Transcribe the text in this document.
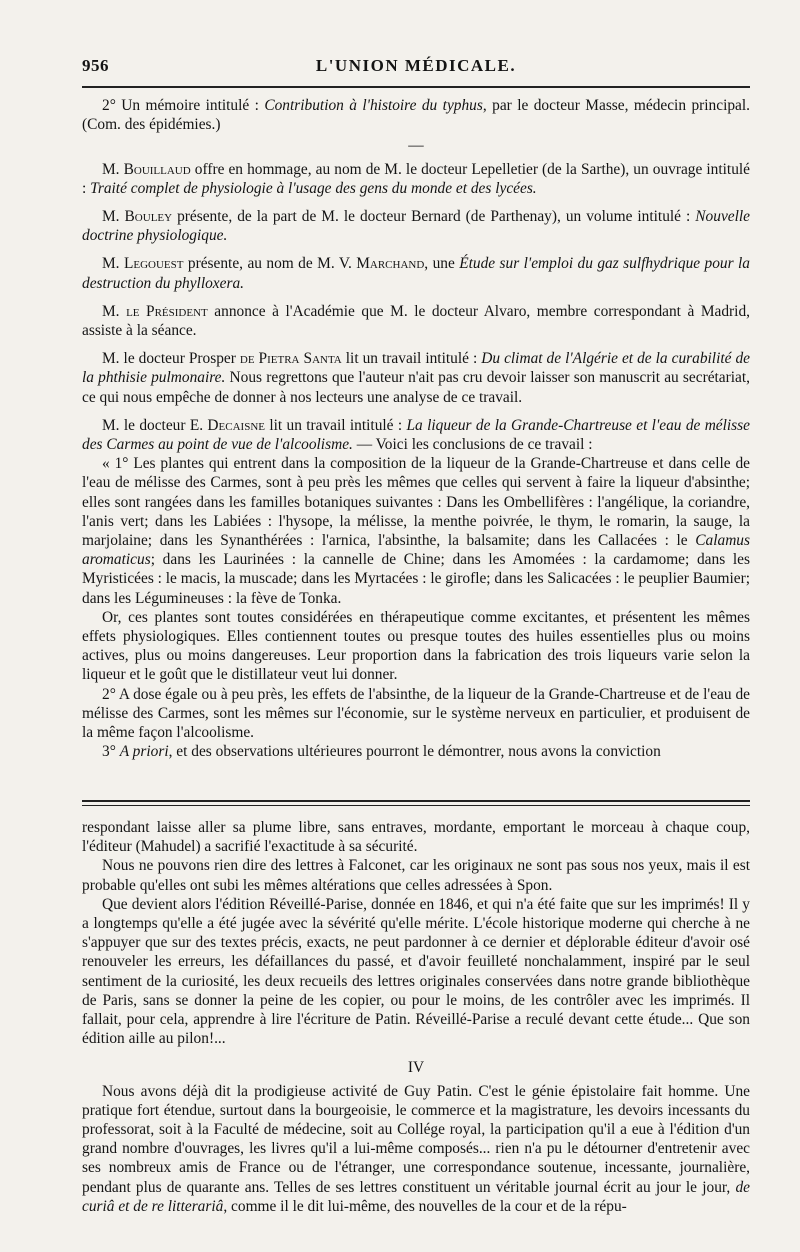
956	L'UNION MÉDICALE.

2° Un mémoire intitulé : Contribution à l'histoire du typhus, par le docteur Masse, médecin principal. (Com. des épidémies.)

—

M. Bouillaud offre en hommage, au nom de M. le docteur Lepelletier (de la Sarthe), un ouvrage intitulé : Traité complet de physiologie à l'usage des gens du monde et des lycées.

M. Bouley présente, de la part de M. le docteur Bernard (de Parthenay), un volume intitulé : Nouvelle doctrine physiologique.

M. Legouest présente, au nom de M. V. Marchand, une Étude sur l'emploi du gaz sulfhydrique pour la destruction du phylloxera.

M. le Président annonce à l'Académie que M. le docteur Alvaro, membre correspondant à Madrid, assiste à la séance.

M. le docteur Prosper de Pietra Santa lit un travail intitulé : Du climat de l'Algérie et de la curabilité de la phthisie pulmonaire. Nous regrettons que l'auteur n'ait pas cru devoir laisser son manuscrit au secrétariat, ce qui nous empêche de donner à nos lecteurs une analyse de ce travail.

M. le docteur E. Decaisne lit un travail intitulé : La liqueur de la Grande-Chartreuse et l'eau de mélisse des Carmes au point de vue de l'alcoolisme. — Voici les conclusions de ce travail :

« 1° Les plantes qui entrent dans la composition de la liqueur de la Grande-Chartreuse et dans celle de l'eau de mélisse des Carmes, sont à peu près les mêmes que celles qui servent à faire la liqueur d'absinthe; elles sont rangées dans les familles botaniques suivantes : Dans les Ombellifères : l'angélique, la coriandre, l'anis vert; dans les Labiées : l'hysope, la mélisse, la menthe poivrée, le thym, le romarin, la sauge, la marjolaine; dans les Synanthérées : l'arnica, l'absinthe, la balsamite; dans les Callacées : le Calamus aromaticus; dans les Laurinées : la cannelle de Chine; dans les Amomées : la cardamome; dans les Myristicées : le macis, la muscade; dans les Myrtacées : le girofle; dans les Salicacées : le peuplier Baumier; dans les Légumineuses : la fève de Tonka.

Or, ces plantes sont toutes considérées en thérapeutique comme excitantes, et présentent les mêmes effets physiologiques. Elles contiennent toutes ou presque toutes des huiles essentielles plus ou moins actives, plus ou moins dangereuses. Leur proportion dans la fabrication des trois liqueurs varie selon la liqueur et le goût que le distillateur veut lui donner.

2° A dose égale ou à peu près, les effets de l'absinthe, de la liqueur de la Grande-Chartreuse et de l'eau de mélisse des Carmes, sont les mêmes sur l'économie, sur le système nerveux en particulier, et produisent de la même façon l'alcoolisme.

3° A priori, et des observations ultérieures pourront le démontrer, nous avons la conviction

respondant laisse aller sa plume libre, sans entraves, mordante, emportant le morceau à chaque coup, l'éditeur (Mahudel) a sacrifié l'exactitude à sa sécurité.

Nous ne pouvons rien dire des lettres à Falconet, car les originaux ne sont pas sous nos yeux, mais il est probable qu'elles ont subi les mêmes altérations que celles adressées à Spon.

Que devient alors l'édition Réveillé-Parise, donnée en 1846, et qui n'a été faite que sur les imprimés! Il y a longtemps qu'elle a été jugée avec la sévérité qu'elle mérite. L'école historique moderne qui cherche à ne s'appuyer que sur des textes précis, exacts, ne peut pardonner à ce dernier et déplorable éditeur d'avoir osé renouveler les erreurs, les défaillances du passé, et d'avoir feuilleté nonchalamment, inspiré par le seul sentiment de la curiosité, les deux recueils des lettres originales conservées dans notre grande bibliothèque de Paris, sans se donner la peine de les copier, ou pour le moins, de les contrôler avec les imprimés. Il fallait, pour cela, apprendre à lire l'écriture de Patin. Réveillé-Parise a reculé devant cette étude... Que son édition aille au pilon!...

IV

Nous avons déjà dit la prodigieuse activité de Guy Patin. C'est le génie épistolaire fait homme. Une pratique fort étendue, surtout dans la bourgeoisie, le commerce et la magistrature, les devoirs incessants du professorat, soit à la Faculté de médecine, soit au Collége royal, la participation qu'il a eue à l'édition d'un grand nombre d'ouvrages, les livres qu'il a lui-même composés... rien n'a pu le détourner d'entretenir avec ses nombreux amis de France ou de l'étranger, une correspondance soutenue, incessante, journalière, pendant plus de quarante ans. Telles de ses lettres constituent un véritable journal écrit au jour le jour, de curiâ et de re litterariâ, comme il le dit lui-même, des nouvelles de la cour et de la répu-
